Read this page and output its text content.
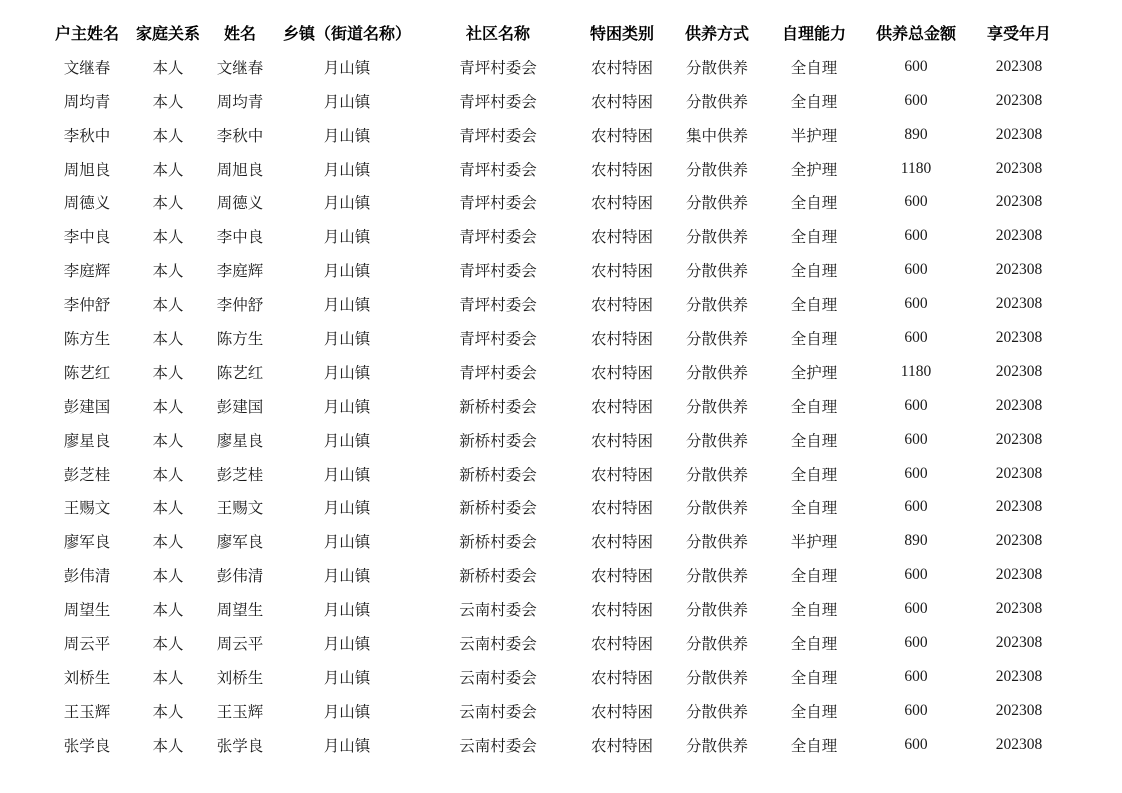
户主姓名	家庭关系	姓名	乡镇（街道名称）	社区名称	特困类别	供养方式	自理能力	供养总金额	享受年月
文继春	本人	文继春	月山镇	青坪村委会	农村特困	分散供养	全自理	600	202308
周均青	本人	周均青	月山镇	青坪村委会	农村特困	分散供养	全自理	600	202308
李秋中	本人	李秋中	月山镇	青坪村委会	农村特困	集中供养	半护理	890	202308
周旭良	本人	周旭良	月山镇	青坪村委会	农村特困	分散供养	全护理	1180	202308
周德义	本人	周德义	月山镇	青坪村委会	农村特困	分散供养	全自理	600	202308
李中良	本人	李中良	月山镇	青坪村委会	农村特困	分散供养	全自理	600	202308
李庭辉	本人	李庭辉	月山镇	青坪村委会	农村特困	分散供养	全自理	600	202308
李仲舒	本人	李仲舒	月山镇	青坪村委会	农村特困	分散供养	全自理	600	202308
陈方生	本人	陈方生	月山镇	青坪村委会	农村特困	分散供养	全自理	600	202308
陈艺红	本人	陈艺红	月山镇	青坪村委会	农村特困	分散供养	全护理	1180	202308
彭建国	本人	彭建国	月山镇	新桥村委会	农村特困	分散供养	全自理	600	202308
廖星良	本人	廖星良	月山镇	新桥村委会	农村特困	分散供养	全自理	600	202308
彭芝桂	本人	彭芝桂	月山镇	新桥村委会	农村特困	分散供养	全自理	600	202308
王赐文	本人	王赐文	月山镇	新桥村委会	农村特困	分散供养	全自理	600	202308
廖军良	本人	廖军良	月山镇	新桥村委会	农村特困	分散供养	半护理	890	202308
彭伟清	本人	彭伟清	月山镇	新桥村委会	农村特困	分散供养	全自理	600	202308
周望生	本人	周望生	月山镇	云南村委会	农村特困	分散供养	全自理	600	202308
周云平	本人	周云平	月山镇	云南村委会	农村特困	分散供养	全自理	600	202308
刘桥生	本人	刘桥生	月山镇	云南村委会	农村特困	分散供养	全自理	600	202308
王玉辉	本人	王玉辉	月山镇	云南村委会	农村特困	分散供养	全自理	600	202308
张学良	本人	张学良	月山镇	云南村委会	农村特困	分散供养	全自理	600	202308
